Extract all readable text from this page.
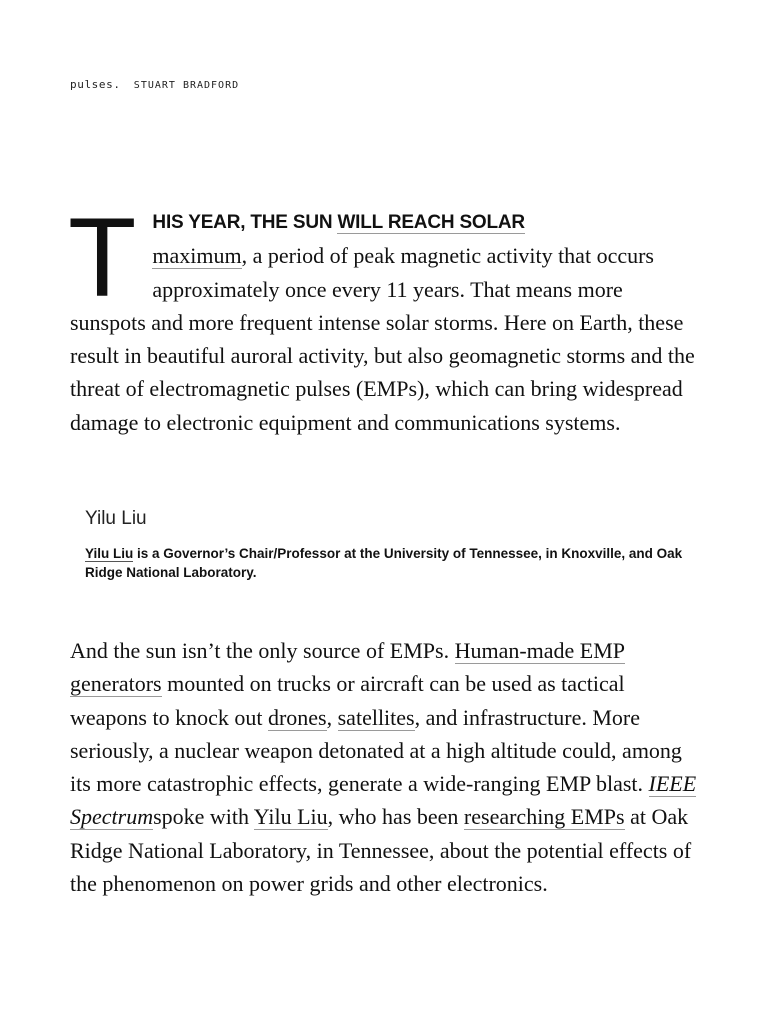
pulses. STUART BRADFORD
T HIS YEAR, THE SUN WILL REACH SOLAR
maximum, a period of peak magnetic activity that occurs approximately once every 11 years. That means more sunspots and more frequent intense solar storms. Here on Earth, these result in beautiful auroral activity, but also geomagnetic storms and the threat of electromagnetic pulses (EMPs), which can bring widespread damage to electronic equipment and communications systems.

Yilu Liu
Yilu Liu is a Governor’s Chair/Professor at the University of Tennessee, in Knoxville, and Oak Ridge National Laboratory.

And the sun isn’t the only source of EMPs. Human-made EMP generators mounted on trucks or aircraft can be used as tactical weapons to knock out drones, satellites, and infrastructure. More seriously, a nuclear weapon detonated at a high altitude could, among its more catastrophic effects, generate a wide-ranging EMP blast. IEEE Spectrumspoke with Yilu Liu, who has been researching EMPs at Oak Ridge National Laboratory, in Tennessee, about the potential effects of the phenomenon on power grids and other electronics.
